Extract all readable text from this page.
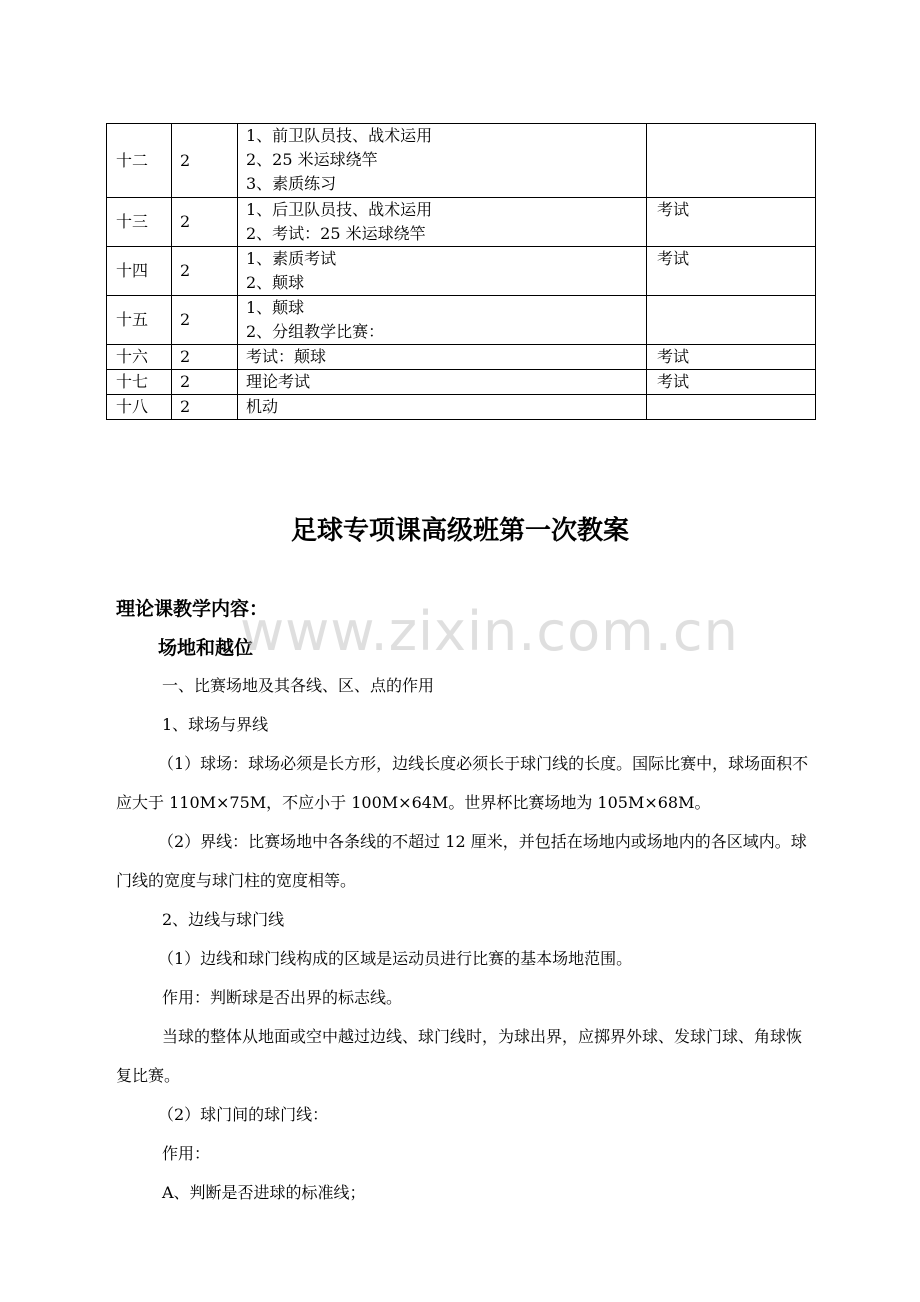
十二	2	1、前卫队员技、战术运用
2、25 米运球绕竿
3、素质练习	

十三	2	1、后卫队员技、战术运用
2、考试：25 米运球绕竿	考试
十四	2	1、素质考试
2、颠球	考试
十五	2	1、颠球
2、分组教学比赛：	

十六	2	考试：颠球	考试
十七	2	理论考试	考试
十八	2	机动	

足球专项课高级班第一次教案
理论课教学内容：
场地和越位
一、比赛场地及其各线、区、点的作用
1、球场与界线
（1）球场：球场必须是长方形，边线长度必须长于球门线的长度。国际比赛中，球场面积不应大于 110M×75M，不应小于 100M×64M。世界杯比赛场地为 105M×68M。
（2）界线：比赛场地中各条线的不超过 12 厘米，并包括在场地内或场地内的各区域内。球门线的宽度与球门柱的宽度相等。
2、边线与球门线
（1）边线和球门线构成的区域是运动员进行比赛的基本场地范围。
作用：判断球是否出界的标志线。
当球的整体从地面或空中越过边线、球门线时，为球出界，应掷界外球、发球门球、角球恢复比赛。
（2）球门间的球门线：
作用：
A、判断是否进球的标准线；
www.zixin.com.cn
